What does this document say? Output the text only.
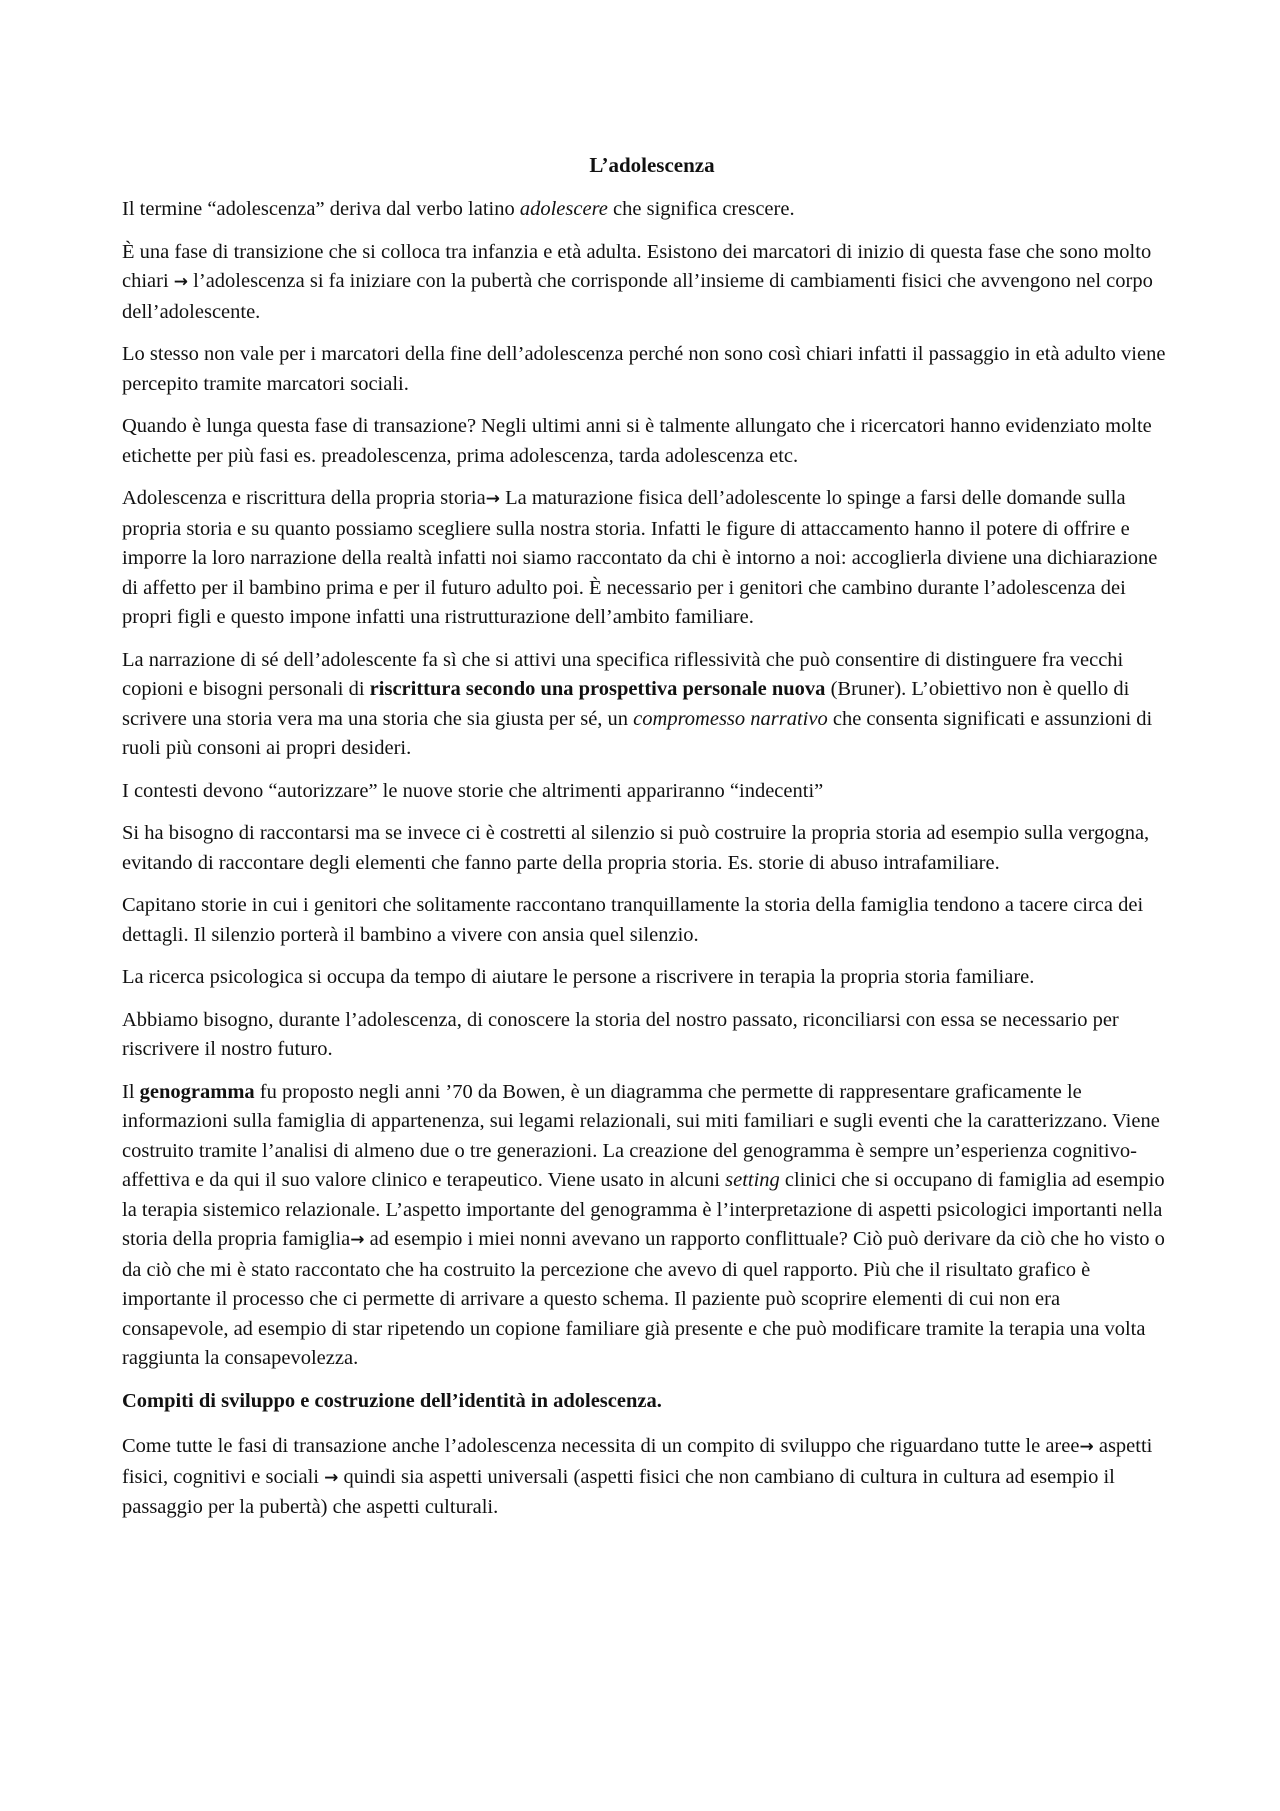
L’adolescenza

Il termine “adolescenza” deriva dal verbo latino adolescere che significa crescere.

È una fase di transizione che si colloca tra infanzia e età adulta. Esistono dei marcatori di inizio di questa fase che sono molto chiari → l’adolescenza si fa iniziare con la pubertà che corrisponde all’insieme di cambiamenti fisici che avvengono nel corpo dell’adolescente.

Lo stesso non vale per i marcatori della fine dell’adolescenza perché non sono così chiari infatti il passaggio in età adulto viene percepito tramite marcatori sociali.

Quando è lunga questa fase di transazione? Negli ultimi anni si è talmente allungato che i ricercatori hanno evidenziato molte etichette per più fasi es. preadolescenza, prima adolescenza, tarda adolescenza etc.

Adolescenza e riscrittura della propria storia→ La maturazione fisica dell’adolescente lo spinge a farsi delle domande sulla propria storia e su quanto possiamo scegliere sulla nostra storia. Infatti le figure di attaccamento hanno il potere di offrire e imporre la loro narrazione della realtà infatti noi siamo raccontato da chi è intorno a noi: accoglierla diviene una dichiarazione di affetto per il bambino prima e per il futuro adulto poi. È necessario per i genitori che cambino durante l’adolescenza dei propri figli e questo impone infatti una ristrutturazione dell’ambito familiare.

La narrazione di sé dell’adolescente fa sì che si attivi una specifica riflessività che può consentire di distinguere fra vecchi copioni e bisogni personali di riscrittura secondo una prospettiva personale nuova (Bruner). L’obiettivo non è quello di scrivere una storia vera ma una storia che sia giusta per sé, un compromesso narrativo che consenta significati e assunzioni di ruoli più consoni ai propri desideri.

I contesti devono “autorizzare” le nuove storie che altrimenti appariranno “indecenti”

Si ha bisogno di raccontarsi ma se invece ci è costretti al silenzio si può costruire la propria storia ad esempio sulla vergogna, evitando di raccontare degli elementi che fanno parte della propria storia. Es. storie di abuso intrafamiliare.

Capitano storie in cui i genitori che solitamente raccontano tranquillamente la storia della famiglia tendono a tacere circa dei dettagli. Il silenzio porterà il bambino a vivere con ansia quel silenzio.

La ricerca psicologica si occupa da tempo di aiutare le persone a riscrivere in terapia la propria storia familiare.

Abbiamo bisogno, durante l’adolescenza, di conoscere la storia del nostro passato, riconciliarsi con essa se necessario per riscrivere il nostro futuro.

Il genogramma fu proposto negli anni ’70 da Bowen, è un diagramma che permette di rappresentare graficamente le informazioni sulla famiglia di appartenenza, sui legami relazionali, sui miti familiari e sugli eventi che la caratterizzano. Viene costruito tramite l’analisi di almeno due o tre generazioni. La creazione del genogramma è sempre un’esperienza cognitivo-affettiva e da qui il suo valore clinico e terapeutico. Viene usato in alcuni setting clinici che si occupano di famiglia ad esempio la terapia sistemico relazionale. L’aspetto importante del genogramma è l’interpretazione di aspetti psicologici importanti nella storia della propria famiglia→ ad esempio i miei nonni avevano un rapporto conflittuale? Ciò può derivare da ciò che ho visto o da ciò che mi è stato raccontato che ha costruito la percezione che avevo di quel rapporto. Più che il risultato grafico è importante il processo che ci permette di arrivare a questo schema. Il paziente può scoprire elementi di cui non era consapevole, ad esempio di star ripetendo un copione familiare già presente e che può modificare tramite la terapia una volta raggiunta la consapevolezza.

Compiti di sviluppo e costruzione dell’identità in adolescenza.

Come tutte le fasi di transazione anche l’adolescenza necessita di un compito di sviluppo che riguardano tutte le aree→ aspetti fisici, cognitivi e sociali → quindi sia aspetti universali (aspetti fisici che non cambiano di cultura in cultura ad esempio il passaggio per la pubertà) che aspetti culturali.
